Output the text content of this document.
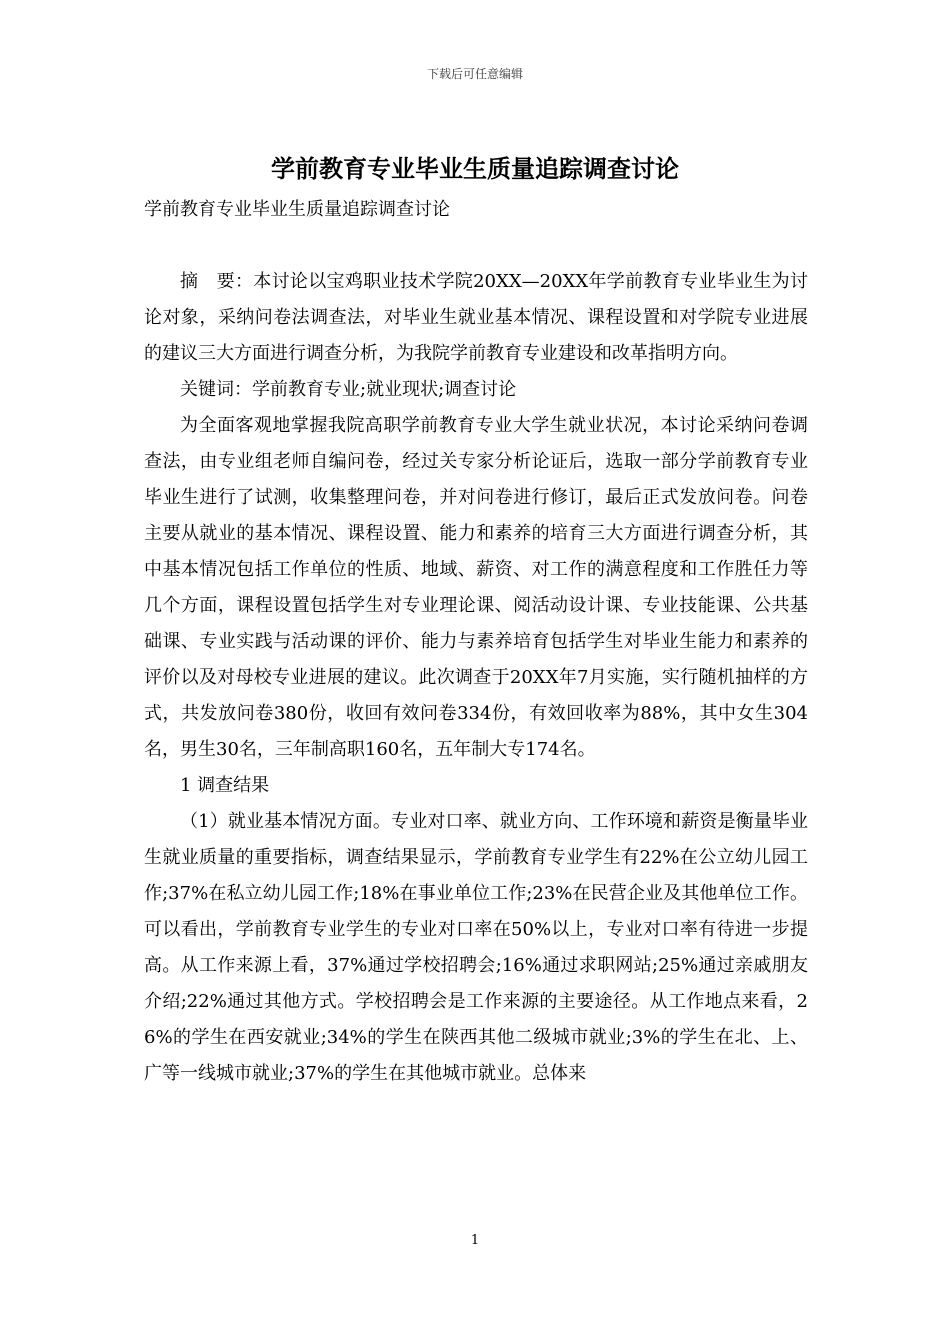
下载后可任意编辑
学前教育专业毕业生质量追踪调查讨论

学前教育专业毕业生质量追踪调查讨论

摘　要：本讨论以宝鸡职业技术学院20XX—20XX年学前教育专业毕业生为讨论对象，采纳问卷法调查法，对毕业生就业基本情况、课程设置和对学院专业进展的建议三大方面进行调查分析，为我院学前教育专业建设和改革指明方向。

关键词：学前教育专业;就业现状;调查讨论

为全面客观地掌握我院高职学前教育专业大学生就业状况，本讨论采纳问卷调查法，由专业组老师自编问卷，经过关专家分析论证后，选取一部分学前教育专业毕业生进行了试测，收集整理问卷，并对问卷进行修订，最后正式发放问卷。问卷主要从就业的基本情况、课程设置、能力和素养的培育三大方面进行调查分析，其中基本情况包括工作单位的性质、地域、薪资、对工作的满意程度和工作胜任力等几个方面，课程设置包括学生对专业理论课、阅活动设计课、专业技能课、公共基础课、专业实践与活动课的评价、能力与素养培育包括学生对毕业生能力和素养的评价以及对母校专业进展的建议。此次调查于20XX年7月实施，实行随机抽样的方式，共发放问卷380份，收回有效问卷334份，有效回收率为88%，其中女生304名，男生30名，三年制高职160名，五年制大专174名。

1 调查结果

（1）就业基本情况方面。专业对口率、就业方向、工作环境和薪资是衡量毕业生就业质量的重要指标，调查结果显示，学前教育专业学生有22%在公立幼儿园工作;37%在私立幼儿园工作;18%在事业单位工作;23%在民营企业及其他单位工作。可以看出，学前教育专业学生的专业对口率在50%以上，专业对口率有待进一步提高。从工作来源上看，37%通过学校招聘会;16%通过求职网站;25%通过亲戚朋友介绍;22%通过其他方式。学校招聘会是工作来源的主要途径。从工作地点来看，26%的学生在西安就业;34%的学生在陕西其他二级城市就业;3%的学生在北、上、广等一线城市就业;37%的学生在其他城市就业。总体来

1
